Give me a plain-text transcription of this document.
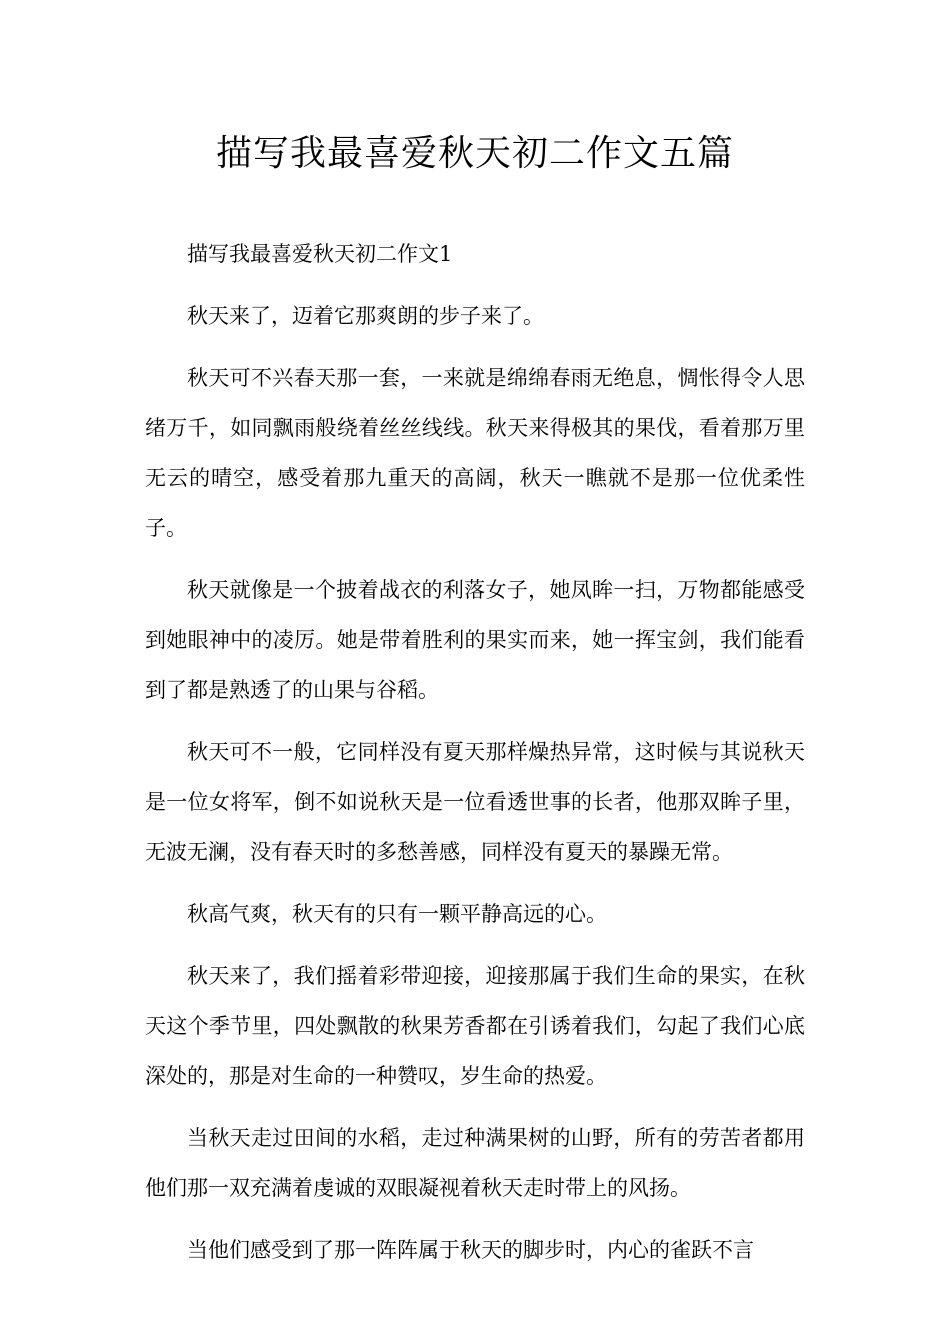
描写我最喜爱秋天初二作文五篇

描写我最喜爱秋天初二作文1

秋天来了，迈着它那爽朗的步子来了。

秋天可不兴春天那一套，一来就是绵绵春雨无绝息，惆怅得令人思绪万千，如同飘雨般绕着丝丝线线。秋天来得极其的果伐，看着那万里无云的晴空，感受着那九重天的高阔，秋天一瞧就不是那一位优柔性子。

秋天就像是一个披着战衣的利落女子，她凤眸一扫，万物都能感受到她眼神中的凌厉。她是带着胜利的果实而来，她一挥宝剑，我们能看到了都是熟透了的山果与谷稻。

秋天可不一般，它同样没有夏天那样燥热异常，这时候与其说秋天是一位女将军，倒不如说秋天是一位看透世事的长者，他那双眸子里，无波无澜，没有春天时的多愁善感，同样没有夏天的暴躁无常。

秋高气爽，秋天有的只有一颗平静高远的心。

秋天来了，我们摇着彩带迎接，迎接那属于我们生命的果实，在秋天这个季节里，四处飘散的秋果芳香都在引诱着我们，勾起了我们心底深处的，那是对生命的一种赞叹，岁生命的热爱。

当秋天走过田间的水稻，走过种满果树的山野，所有的劳苦者都用他们那一双充满着虔诚的双眼凝视着秋天走时带上的风扬。

当他们感受到了那一阵阵属于秋天的脚步时，内心的雀跃不言
